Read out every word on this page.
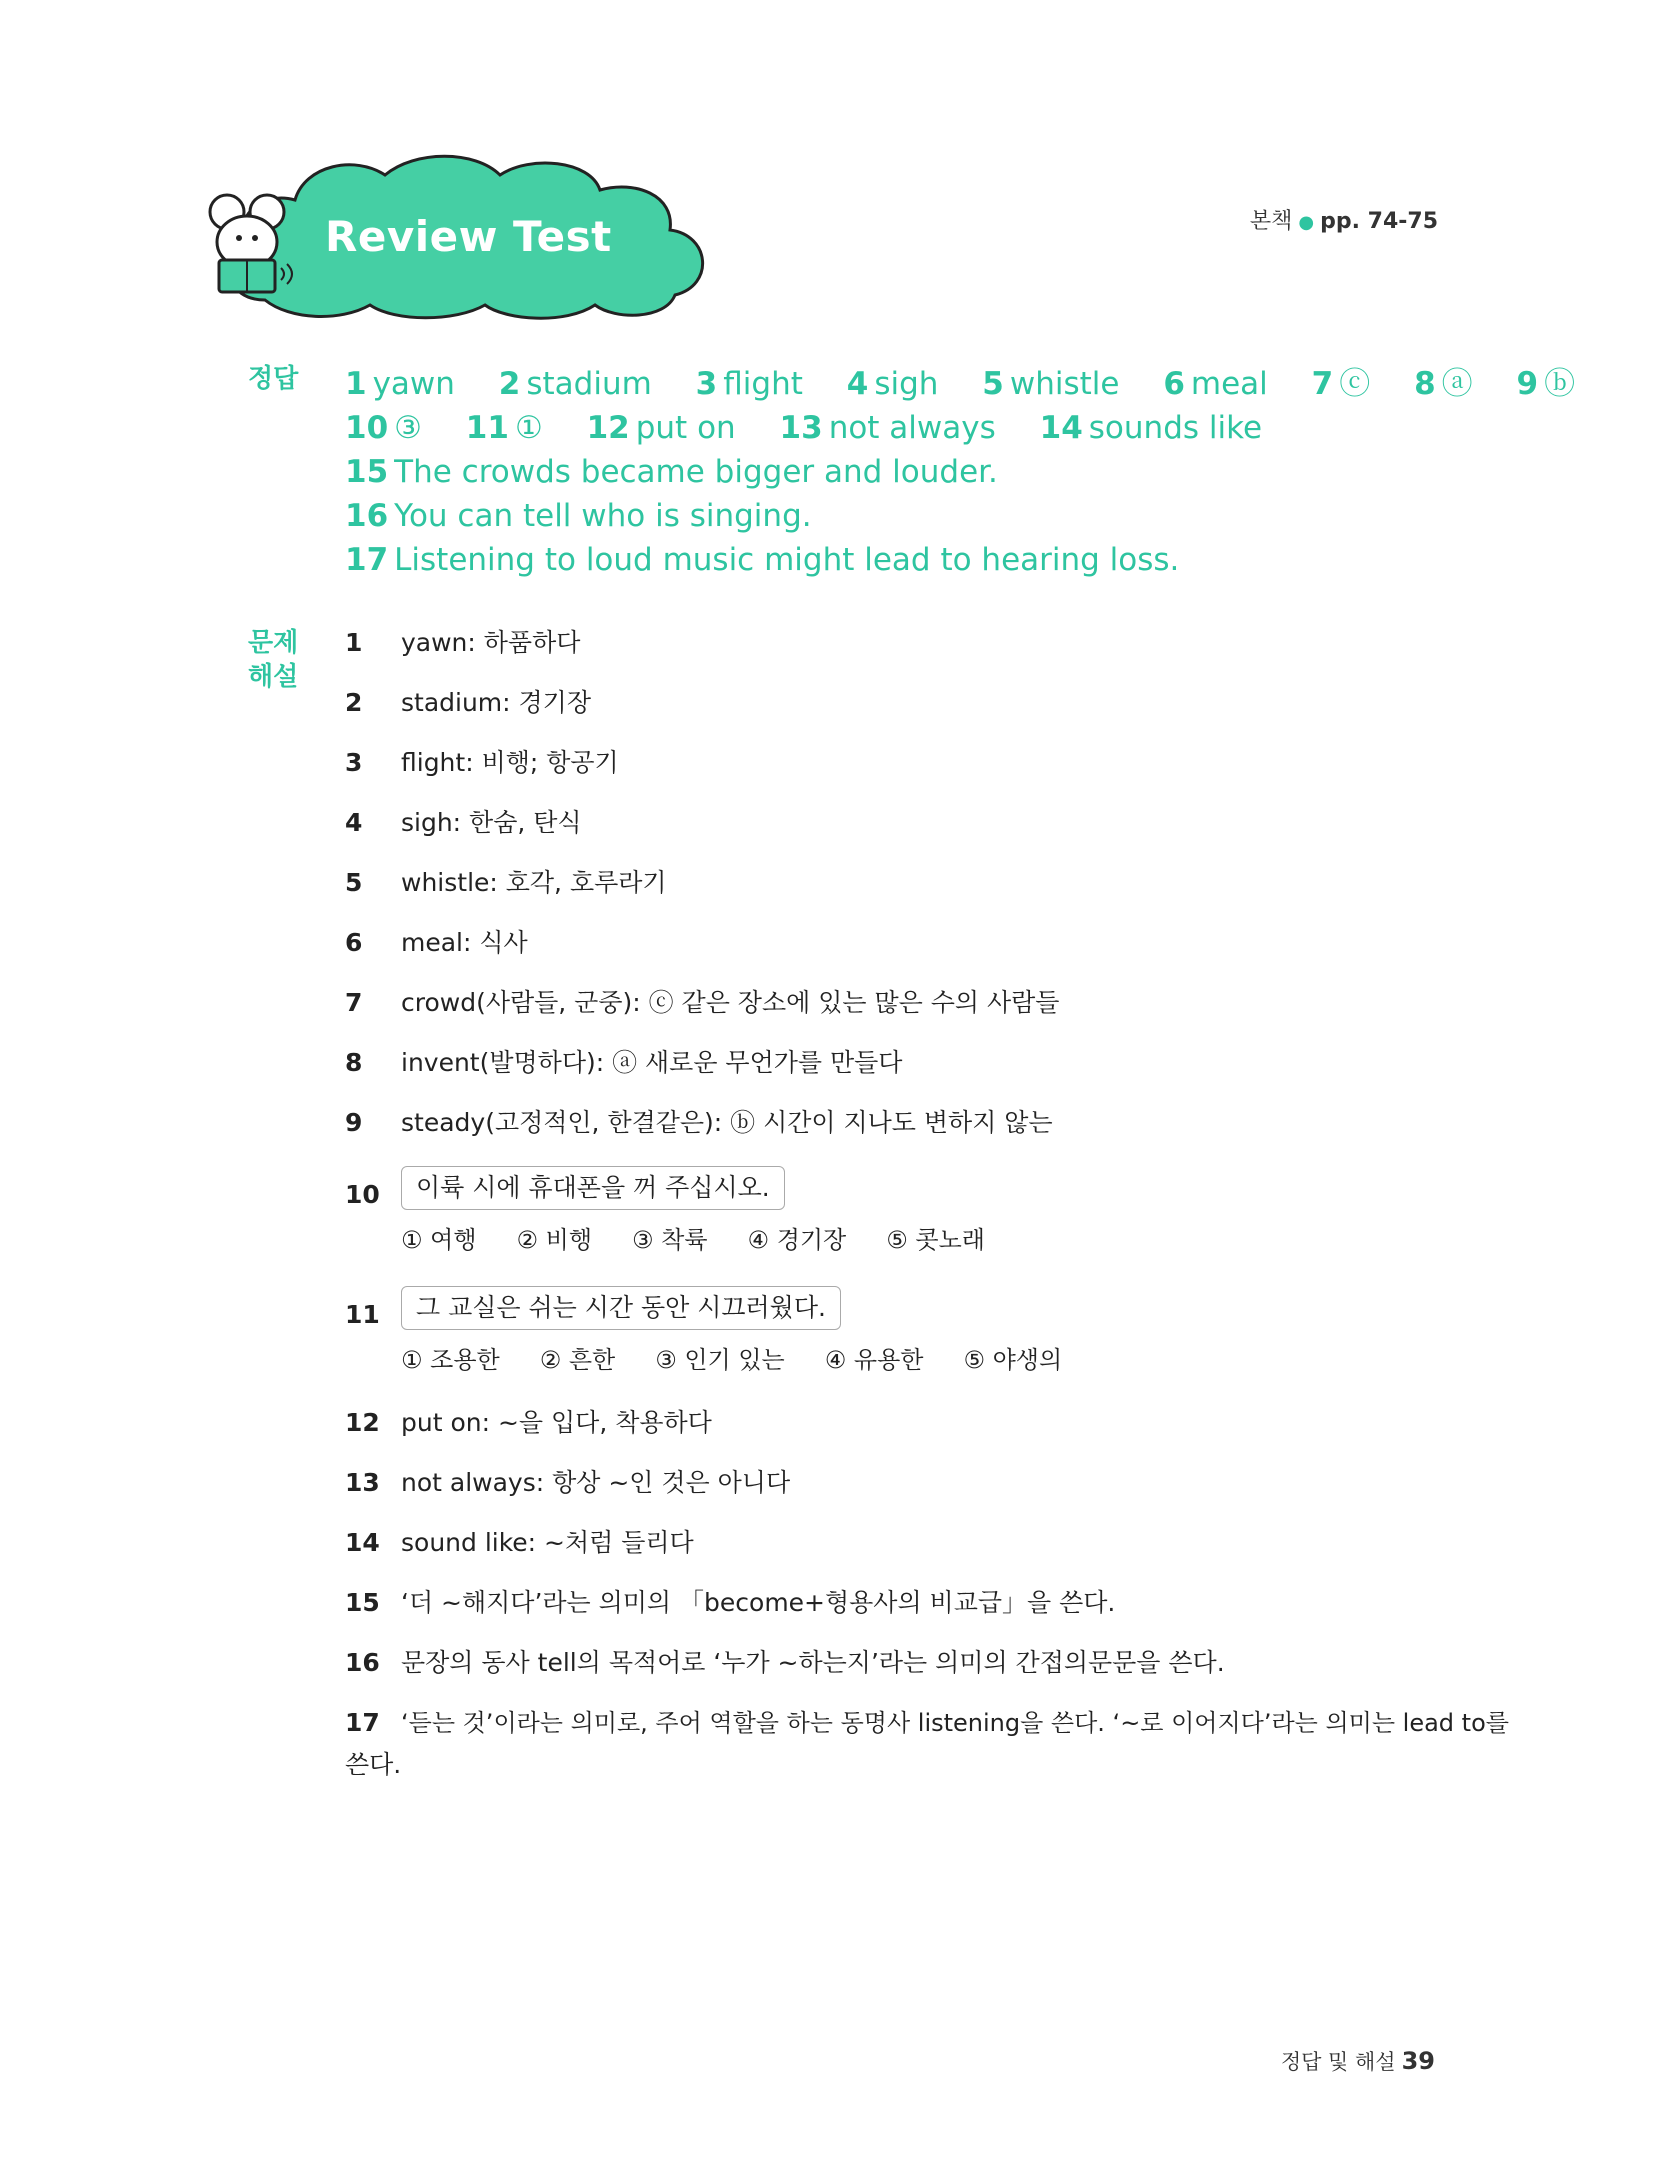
Review Test	본책 ● pp. 74-75
정답 1 yawn 2 stadium 3 flight 4 sigh 5 whistle 6 meal 7 ⓒ 8 ⓐ 9 ⓑ
10 ③ 11 ① 12 put on 13 not always 14 sounds like
15 The crowds became bigger and louder.
16 You can tell who is singing.
17 Listening to loud music might lead to hearing loss.
문제
해설
1 yawn: 하품하다
2 stadium: 경기장
3 flight: 비행; 항공기
4 sigh: 한숨, 탄식
5 whistle: 호각, 호루라기
6 meal: 식사
7 crowd(사람들, 군중): ⓒ 같은 장소에 있는 많은 수의 사람들
8 invent(발명하다): ⓐ 새로운 무언가를 만들다
9 steady(고정적인, 한결같은): ⓑ 시간이 지나도 변하지 않는
10	이륙 시에 휴대폰을 꺼 주십시오.
① 여행 ② 비행 ③ 착륙 ④ 경기장 ⑤ 콧노래
11	그 교실은 쉬는 시간 동안 시끄러웠다.
① 조용한 ② 흔한 ③ 인기 있는 ④ 유용한 ⑤ 야생의
12 put on: ~을 입다, 착용하다
13 not always: 항상 ~인 것은 아니다
14 sound like: ~처럼 들리다
15 ‘더 ~해지다’라는 의미의 「become+형용사의 비교급」을 쓴다.
16 문장의 동사 tell의 목적어로 ‘누가 ~하는지’라는 의미의 간접의문문을 쓴다.
17 ‘듣는 것’이라는 의미로, 주어 역할을 하는 동명사 listening을 쓴다. ‘~로 이어지다’라는 의미는 lead to를
쓴다.
정답 및 해설 39
